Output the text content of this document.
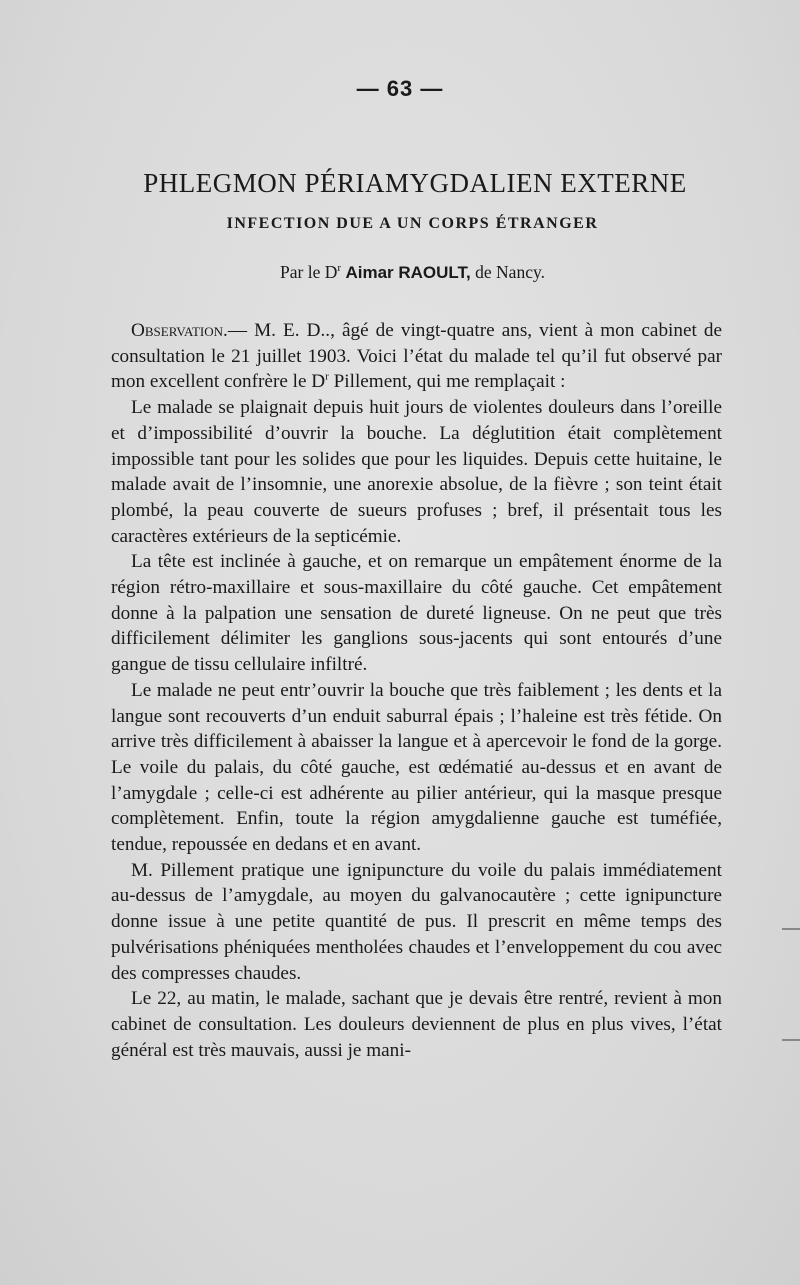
— 63 —
PHLEGMON PÉRIAMYGDALIEN EXTERNE
INFECTION DUE A UN CORPS ÉTRANGER
Par le $D^r$ Aimar RAOULT, de Nancy.

Observation.— M. E. D.., âgé de vingt-quatre ans, vient à mon cabinet de consultation le 21 juillet 1903. Voici l’état du malade tel qu’il fut observé par mon excellent confrère le $D^r$ Pillement, qui me remplaçait :

Le malade se plaignait depuis huit jours de violentes douleurs dans l’oreille et d’impossibilité d’ouvrir la bouche. La déglutition était complètement impossible tant pour les solides que pour les liquides. Depuis cette huitaine, le malade avait de l’insomnie, une anorexie absolue, de la fièvre ; son teint était plombé, la peau couverte de sueurs profuses ; bref, il présentait tous les caractères extérieurs de la septicémie.

La tête est inclinée à gauche, et on remarque un empâtement énorme de la région rétro-maxillaire et sous-maxillaire du côté gauche. Cet empâtement donne à la palpation une sensation de dureté ligneuse. On ne peut que très difficilement délimiter les ganglions sous-jacents qui sont entourés d’une gangue de tissu cellulaire infiltré.

Le malade ne peut entr’ouvrir la bouche que très faiblement ; les dents et la langue sont recouverts d’un enduit saburral épais ; l’haleine est très fétide. On arrive très difficilement à abaisser la langue et à apercevoir le fond de la gorge. Le voile du palais, du côté gauche, est œdématié au-dessus et en avant de l’amygdale ; celle-ci est adhérente au pilier antérieur, qui la masque presque complètement. Enfin, toute la région amygdalienne gauche est tuméfiée, tendue, repoussée en dedans et en avant.

M. Pillement pratique une ignipuncture du voile du palais immédiatement au-dessus de l’amygdale, au moyen du galvanocautère ; cette ignipuncture donne issue à une petite quantité de pus. Il prescrit en même temps des pulvérisations phéniquées mentholées chaudes et l’enveloppement du cou avec des compresses chaudes.

Le 22, au matin, le malade, sachant que je devais être rentré, revient à mon cabinet de consultation. Les douleurs deviennent de plus en plus vives, l’état général est très mauvais, aussi je mani-
